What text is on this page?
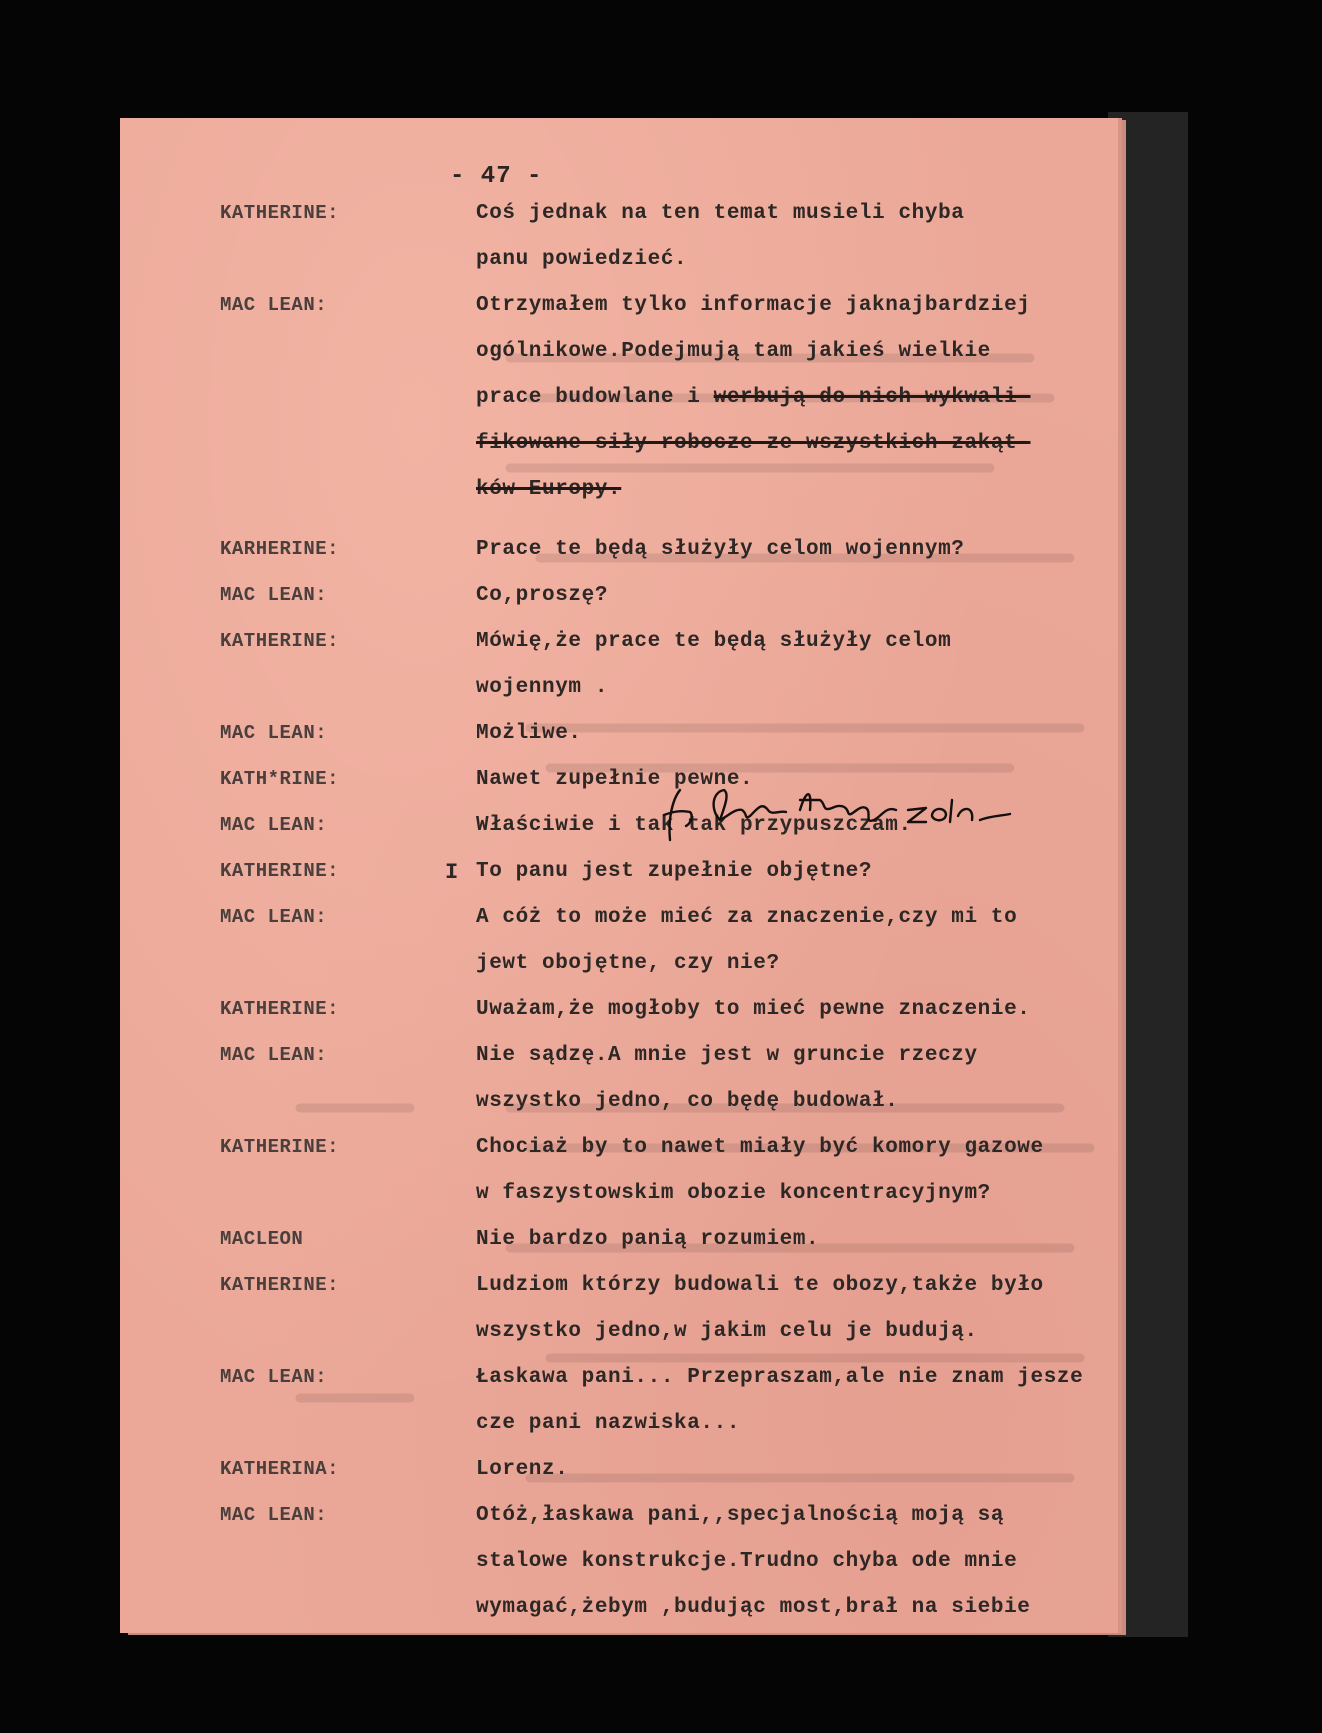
- 47 -
KATHERINE:	Coś jednak na ten temat musieli chyba
panu powiedzieć.
MAC LEAN:	Otrzymałem tylko informacje jaknajbardziej
ogólnikowe.Podejmują tam jakieś wielkie
prace budowlane i werbują do nich wykwali-
fikowane siły robocze ze wszystkich zakąt-
ków Europy.
KARHERINE:	Prace te będą służyły celom wojennym?
MAC LEAN:	Co,proszę?
KATHERINE:	Mówię,że prace te będą służyły celom
wojennym .
MAC LEAN:	Możliwe.
KATH*RINE:	Nawet zupełnie pewne.
MAC LEAN:	Właściwie i tak tak przypuszczam.
KATHERINE:	I To panu jest zupełnie objętne?
MAC LEAN:	A cóż to może mieć za znaczenie,czy mi to
jewt obojętne, czy nie?
KATHERINE:	Uważam,że mogłoby to mieć pewne znaczenie.
MAC LEAN:	Nie sądzę.A mnie jest w gruncie rzeczy
wszystko jedno, co będę budował.
KATHERINE:	Chociaż by to nawet miały być komory gazowe
w faszystowskim obozie koncentracyjnym?
MACLEON	Nie bardzo panią rozumiem.
KATHERINE:	Ludziom którzy budowali te obozy,także było
wszystko jedno,w jakim celu je budują.
MAC LEAN:	Łaskawa pani... Przepraszam,ale nie znam jesze
cze pani nazwiska...
KATHERINA:	Lorenz.
MAC LEAN:	Otóż,łaskawa pani,,specjalnością moją są
stalowe konstrukcje.Trudno chyba ode mnie
wymagać,żebym ,budując most,brał na siebie
